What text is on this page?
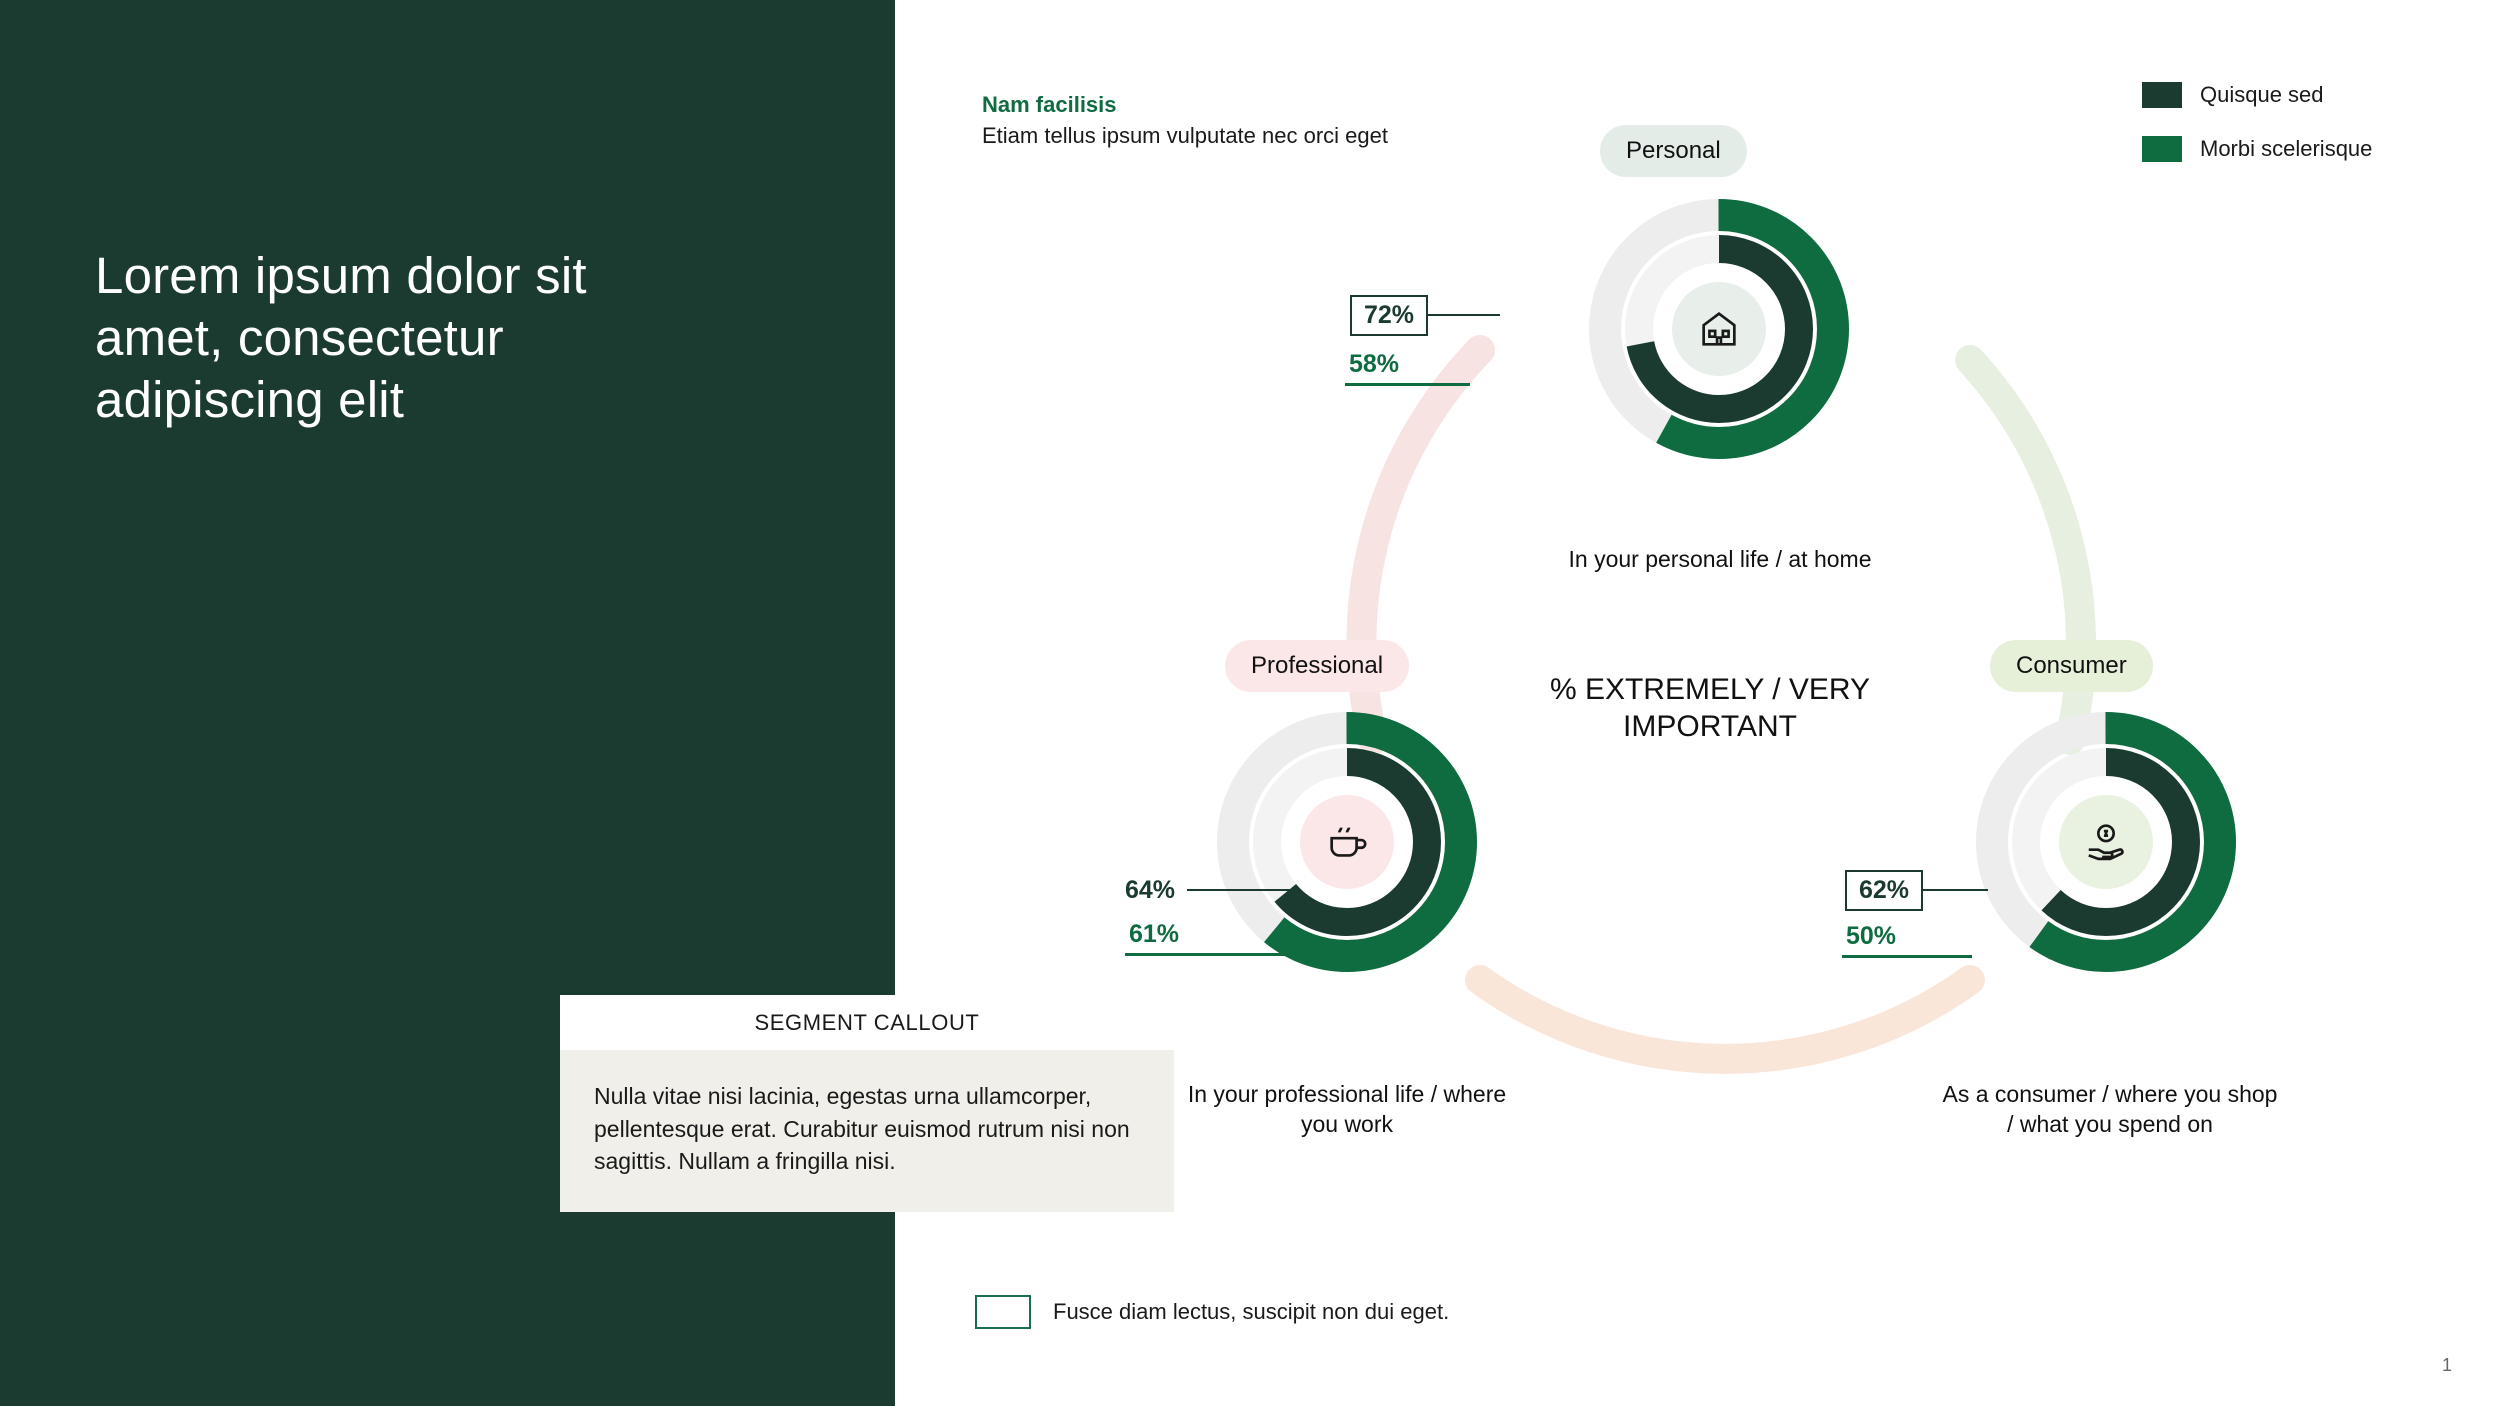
Lorem ipsum dolor sit amet, consectetur adipiscing elit
Nam facilisis
Etiam tellus ipsum vulputate nec orci eget
Quisque sed
Morbi scelerisque
% EXTREMELY / VERY IMPORTANT
Personal
72%
58%
In your personal life / at home
Professional
64%
61%
In your professional life / where you work
Consumer
62%
50%
As a consumer / where you shop / what you spend on
SEGMENT CALLOUT
Nulla vitae nisi lacinia, egestas urna ullamcorper, pellentesque erat. Curabitur euismod rutrum nisi non sagittis. Nullam a fringilla nisi.
Fusce diam lectus, suscipit non dui eget.
1
